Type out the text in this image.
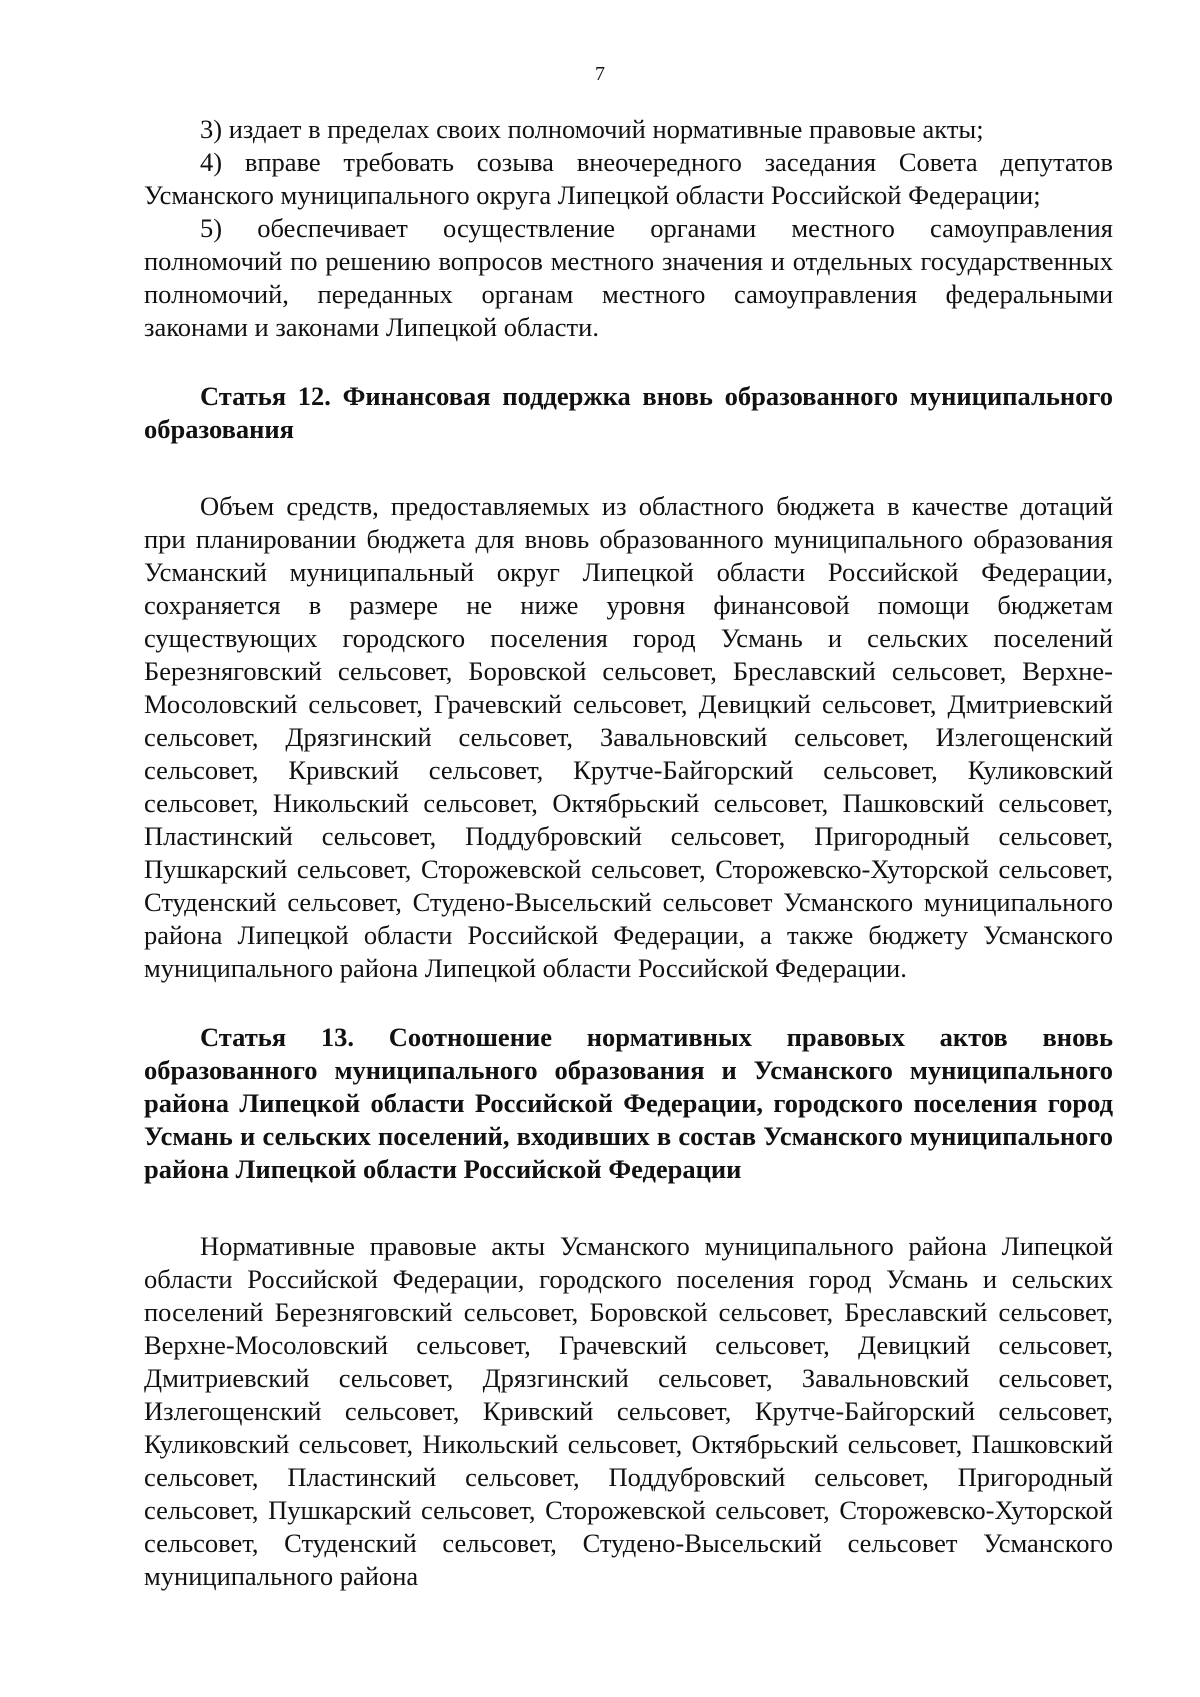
7

3) издает в пределах своих полномочий нормативные правовые акты;

4) вправе требовать созыва внеочередного заседания Совета депутатов Усманского муниципального округа Липецкой области Российской Федерации;

5) обеспечивает осуществление органами местного самоуправления полномочий по решению вопросов местного значения и отдельных государственных полномочий, переданных органам местного самоуправления федеральными законами и законами Липецкой области.

Статья 12. Финансовая поддержка вновь образованного муниципального образования

Объем средств, предоставляемых из областного бюджета в качестве дотаций при планировании бюджета для вновь образованного муниципального образования Усманский муниципальный округ Липецкой области Российской Федерации, сохраняется в размере не ниже уровня финансовой помощи бюджетам существующих городского поселения город Усмань и сельских поселений Березняговский сельсовет, Боровской сельсовет, Бреславский сельсовет, Верхне-Мосоловский сельсовет, Грачевский сельсовет, Девицкий сельсовет, Дмитриевский сельсовет, Дрязгинский сельсовет, Завальновский сельсовет, Излегощенский сельсовет, Кривский сельсовет, Крутче-Байгорский сельсовет, Куликовский сельсовет, Никольский сельсовет, Октябрьский сельсовет, Пашковский сельсовет, Пластинский сельсовет, Поддубровский сельсовет, Пригородный сельсовет, Пушкарский сельсовет, Сторожевской сельсовет, Сторожевско-Хуторской сельсовет, Студенский сельсовет, Студено-Высельский сельсовет Усманского муниципального района Липецкой области Российской Федерации, а также бюджету Усманского муниципального района Липецкой области Российской Федерации.

Статья 13. Соотношение нормативных правовых актов вновь образованного муниципального образования и Усманского муниципального района Липецкой области Российской Федерации, городского поселения город Усмань и сельских поселений, входивших в состав Усманского муниципального района Липецкой области Российской Федерации

Нормативные правовые акты Усманского муниципального района Липецкой области Российской Федерации, городского поселения город Усмань и сельских поселений Березняговский сельсовет, Боровской сельсовет, Бреславский сельсовет, Верхне-Мосоловский сельсовет, Грачевский сельсовет, Девицкий сельсовет, Дмитриевский сельсовет, Дрязгинский сельсовет, Завальновский сельсовет, Излегощенский сельсовет, Кривский сельсовет, Крутче-Байгорский сельсовет, Куликовский сельсовет, Никольский сельсовет, Октябрьский сельсовет, Пашковский сельсовет, Пластинский сельсовет, Поддубровский сельсовет, Пригородный сельсовет, Пушкарский сельсовет, Сторожевской сельсовет, Сторожевско-Хуторской сельсовет, Студенский сельсовет, Студено-Высельский сельсовет Усманского муниципального района
